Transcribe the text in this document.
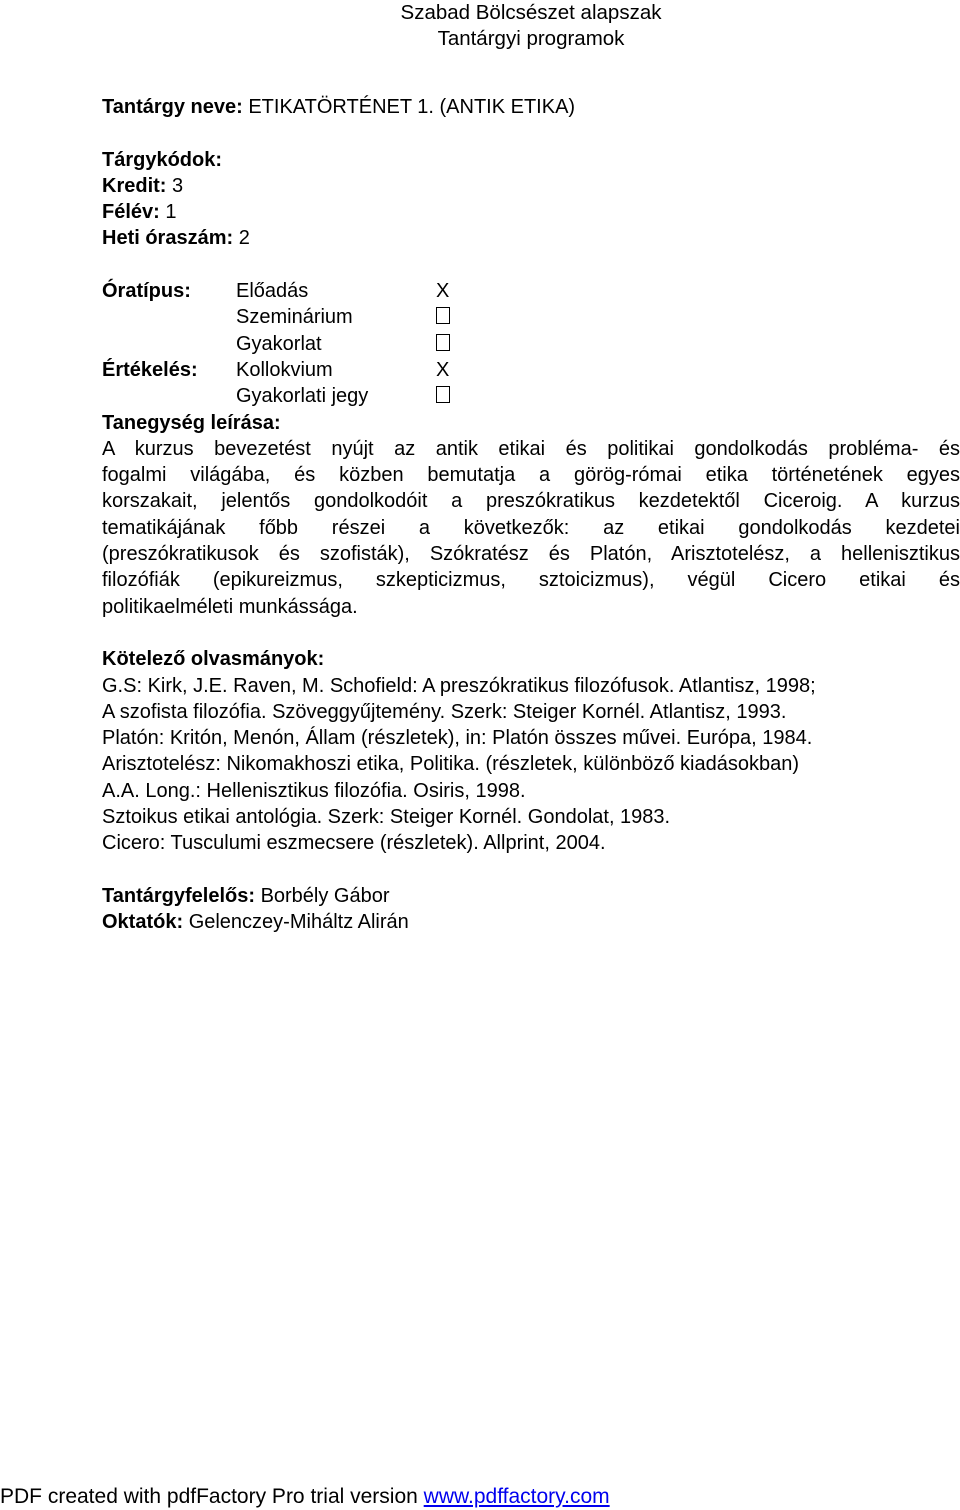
Szabad Bölcsészet alapszak
Tantárgyi programok
Tantárgy neve: ETIKATÖRTÉNET 1. (ANTIK ETIKA)
Tárgykódok:
Kredit: 3
Félév: 1
Heti óraszám: 2
Óratípus: Előadás	X
Szeminárium
Gyakorlat
Értékelés: Kollokvium	X
Gyakorlati jegy
Tanegység leírása:
A kurzus bevezetést nyújt az antik etikai és politikai gondolkodás probléma- és
fogalmi világába, és közben bemutatja a görög-római etika történetének egyes
korszakait, jelentős gondolkodóit a preszókratikus kezdetektől Ciceroig. A kurzus
tematikájának főbb részei a következők: az etikai gondolkodás kezdetei
(preszókratikusok és szofisták), Szókratész és Platón, Arisztotelész, a hellenisztikus
filozófiák (epikureizmus, szkepticizmus, sztoicizmus), végül Cicero etikai és
politikaelméleti munkássága.
Kötelező olvasmányok:
G.S: Kirk, J.E. Raven, M. Schofield: A preszókratikus filozófusok. Atlantisz, 1998;
A szofista filozófia. Szöveggyűjtemény. Szerk: Steiger Kornél. Atlantisz, 1993.
Platón: Kritón, Menón, Állam (részletek), in: Platón összes művei. Európa, 1984.
Arisztotelész: Nikomakhoszi etika, Politika. (részletek, különböző kiadásokban)
A.A. Long.: Hellenisztikus filozófia. Osiris, 1998.
Sztoikus etikai antológia. Szerk: Steiger Kornél. Gondolat, 1983.
Cicero: Tusculumi eszmecsere (részletek). Allprint, 2004.
Tantárgyfelelős: Borbély Gábor
Oktatók: Gelenczey-Miháltz Alirán
PDF created with pdfFactory Pro trial version www.pdffactory.com
